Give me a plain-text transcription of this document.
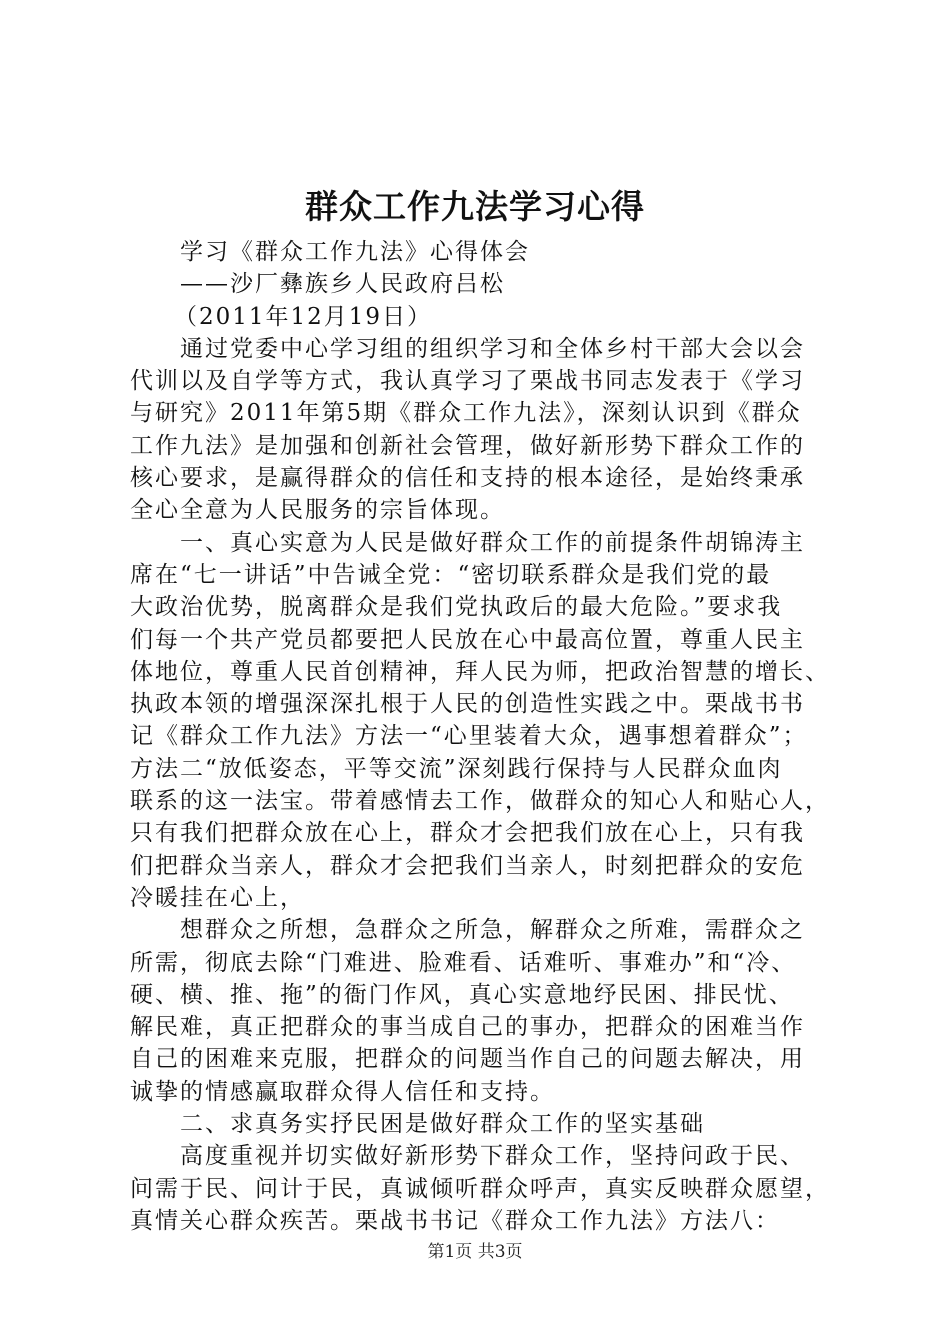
群众工作九法学习心得
学习《群众工作九法》心得体会
——沙厂彝族乡人民政府吕松
（2011年12月19日）
通过党委中心学习组的组织学习和全体乡村干部大会以会
代训以及自学等方式，我认真学习了栗战书同志发表于《学习
与研究》2011年第5期《群众工作九法》，深刻认识到《群众
工作九法》是加强和创新社会管理，做好新形势下群众工作的
核心要求，是赢得群众的信任和支持的根本途径，是始终秉承
全心全意为人民服务的宗旨体现。
一、真心实意为人民是做好群众工作的前提条件胡锦涛主
席在“七一讲话”中告诫全党：“密切联系群众是我们党的最
大政治优势，脱离群众是我们党执政后的最大危险。”要求我
们每一个共产党员都要把人民放在心中最高位置，尊重人民主
体地位，尊重人民首创精神，拜人民为师，把政治智慧的增长、
执政本领的增强深深扎根于人民的创造性实践之中。栗战书书
记《群众工作九法》方法一“心里装着大众，遇事想着群众”；
方法二“放低姿态，平等交流”深刻践行保持与人民群众血肉
联系的这一法宝。带着感情去工作，做群众的知心人和贴心人，
只有我们把群众放在心上，群众才会把我们放在心上，只有我
们把群众当亲人，群众才会把我们当亲人，时刻把群众的安危
冷暖挂在心上，
想群众之所想，急群众之所急，解群众之所难，需群众之
所需，彻底去除“门难进、脸难看、话难听、事难办”和“冷、
硬、横、推、拖”的衙门作风，真心实意地纾民困、排民忧、
解民难，真正把群众的事当成自己的事办，把群众的困难当作
自己的困难来克服，把群众的问题当作自己的问题去解决，用
诚挚的情感赢取群众得人信任和支持。
二、求真务实抒民困是做好群众工作的坚实基础
高度重视并切实做好新形势下群众工作，坚持问政于民、
问需于民、问计于民，真诚倾听群众呼声，真实反映群众愿望，
真情关心群众疾苦。栗战书书记《群众工作九法》方法八：
第1页 共3页
